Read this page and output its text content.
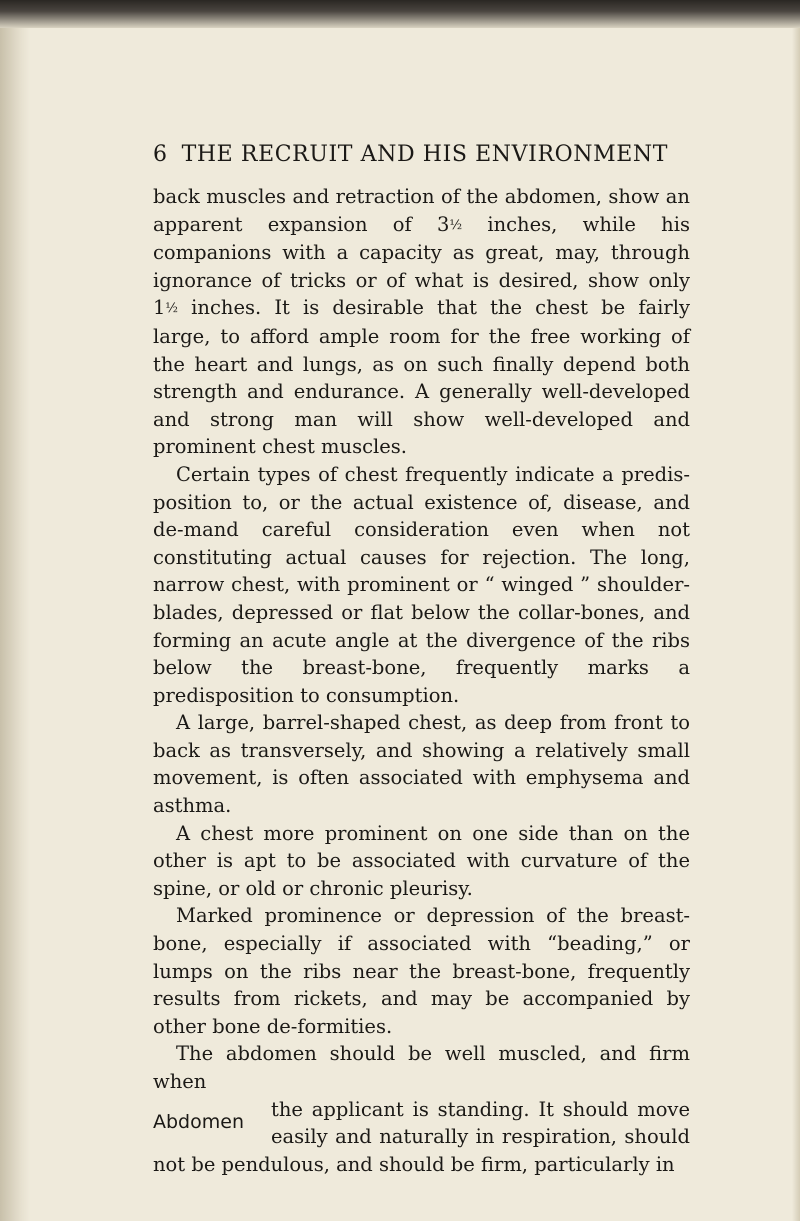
6 THE RECRUIT AND HIS ENVIRONMENT

back muscles and retraction of the abdomen, show an apparent expansion of 3½ inches, while his companions with a capacity as great, may, through ignorance of tricks or of what is desired, show only 1½ inches. It is desirable that the chest be fairly large, to afford ample room for the free working of the heart and lungs, as on such finally depend both strength and endurance. A generally well-developed and strong man will show well-developed and prominent chest muscles.

Certain types of chest frequently indicate a predis-position to, or the actual existence of, disease, and de-mand careful consideration even when not constituting actual causes for rejection. The long, narrow chest, with prominent or “ winged ” shoulder-blades, depressed or flat below the collar-bones, and forming an acute angle at the divergence of the ribs below the breast-bone, frequently marks a predisposition to consumption.

A large, barrel-shaped chest, as deep from front to back as transversely, and showing a relatively small movement, is often associated with emphysema and asthma.

A chest more prominent on one side than on the other is apt to be associated with curvature of the spine, or old or chronic pleurisy.

Marked prominence or depression of the breast-bone, especially if associated with “beading,” or lumps on the ribs near the breast-bone, frequently results from rickets, and may be accompanied by other bone de-formities.

The abdomen should be well muscled, and firm when

Abdomen
the applicant is standing. It should move
easily and naturally in respiration, should

not be pendulous, and should be firm, particularly in
